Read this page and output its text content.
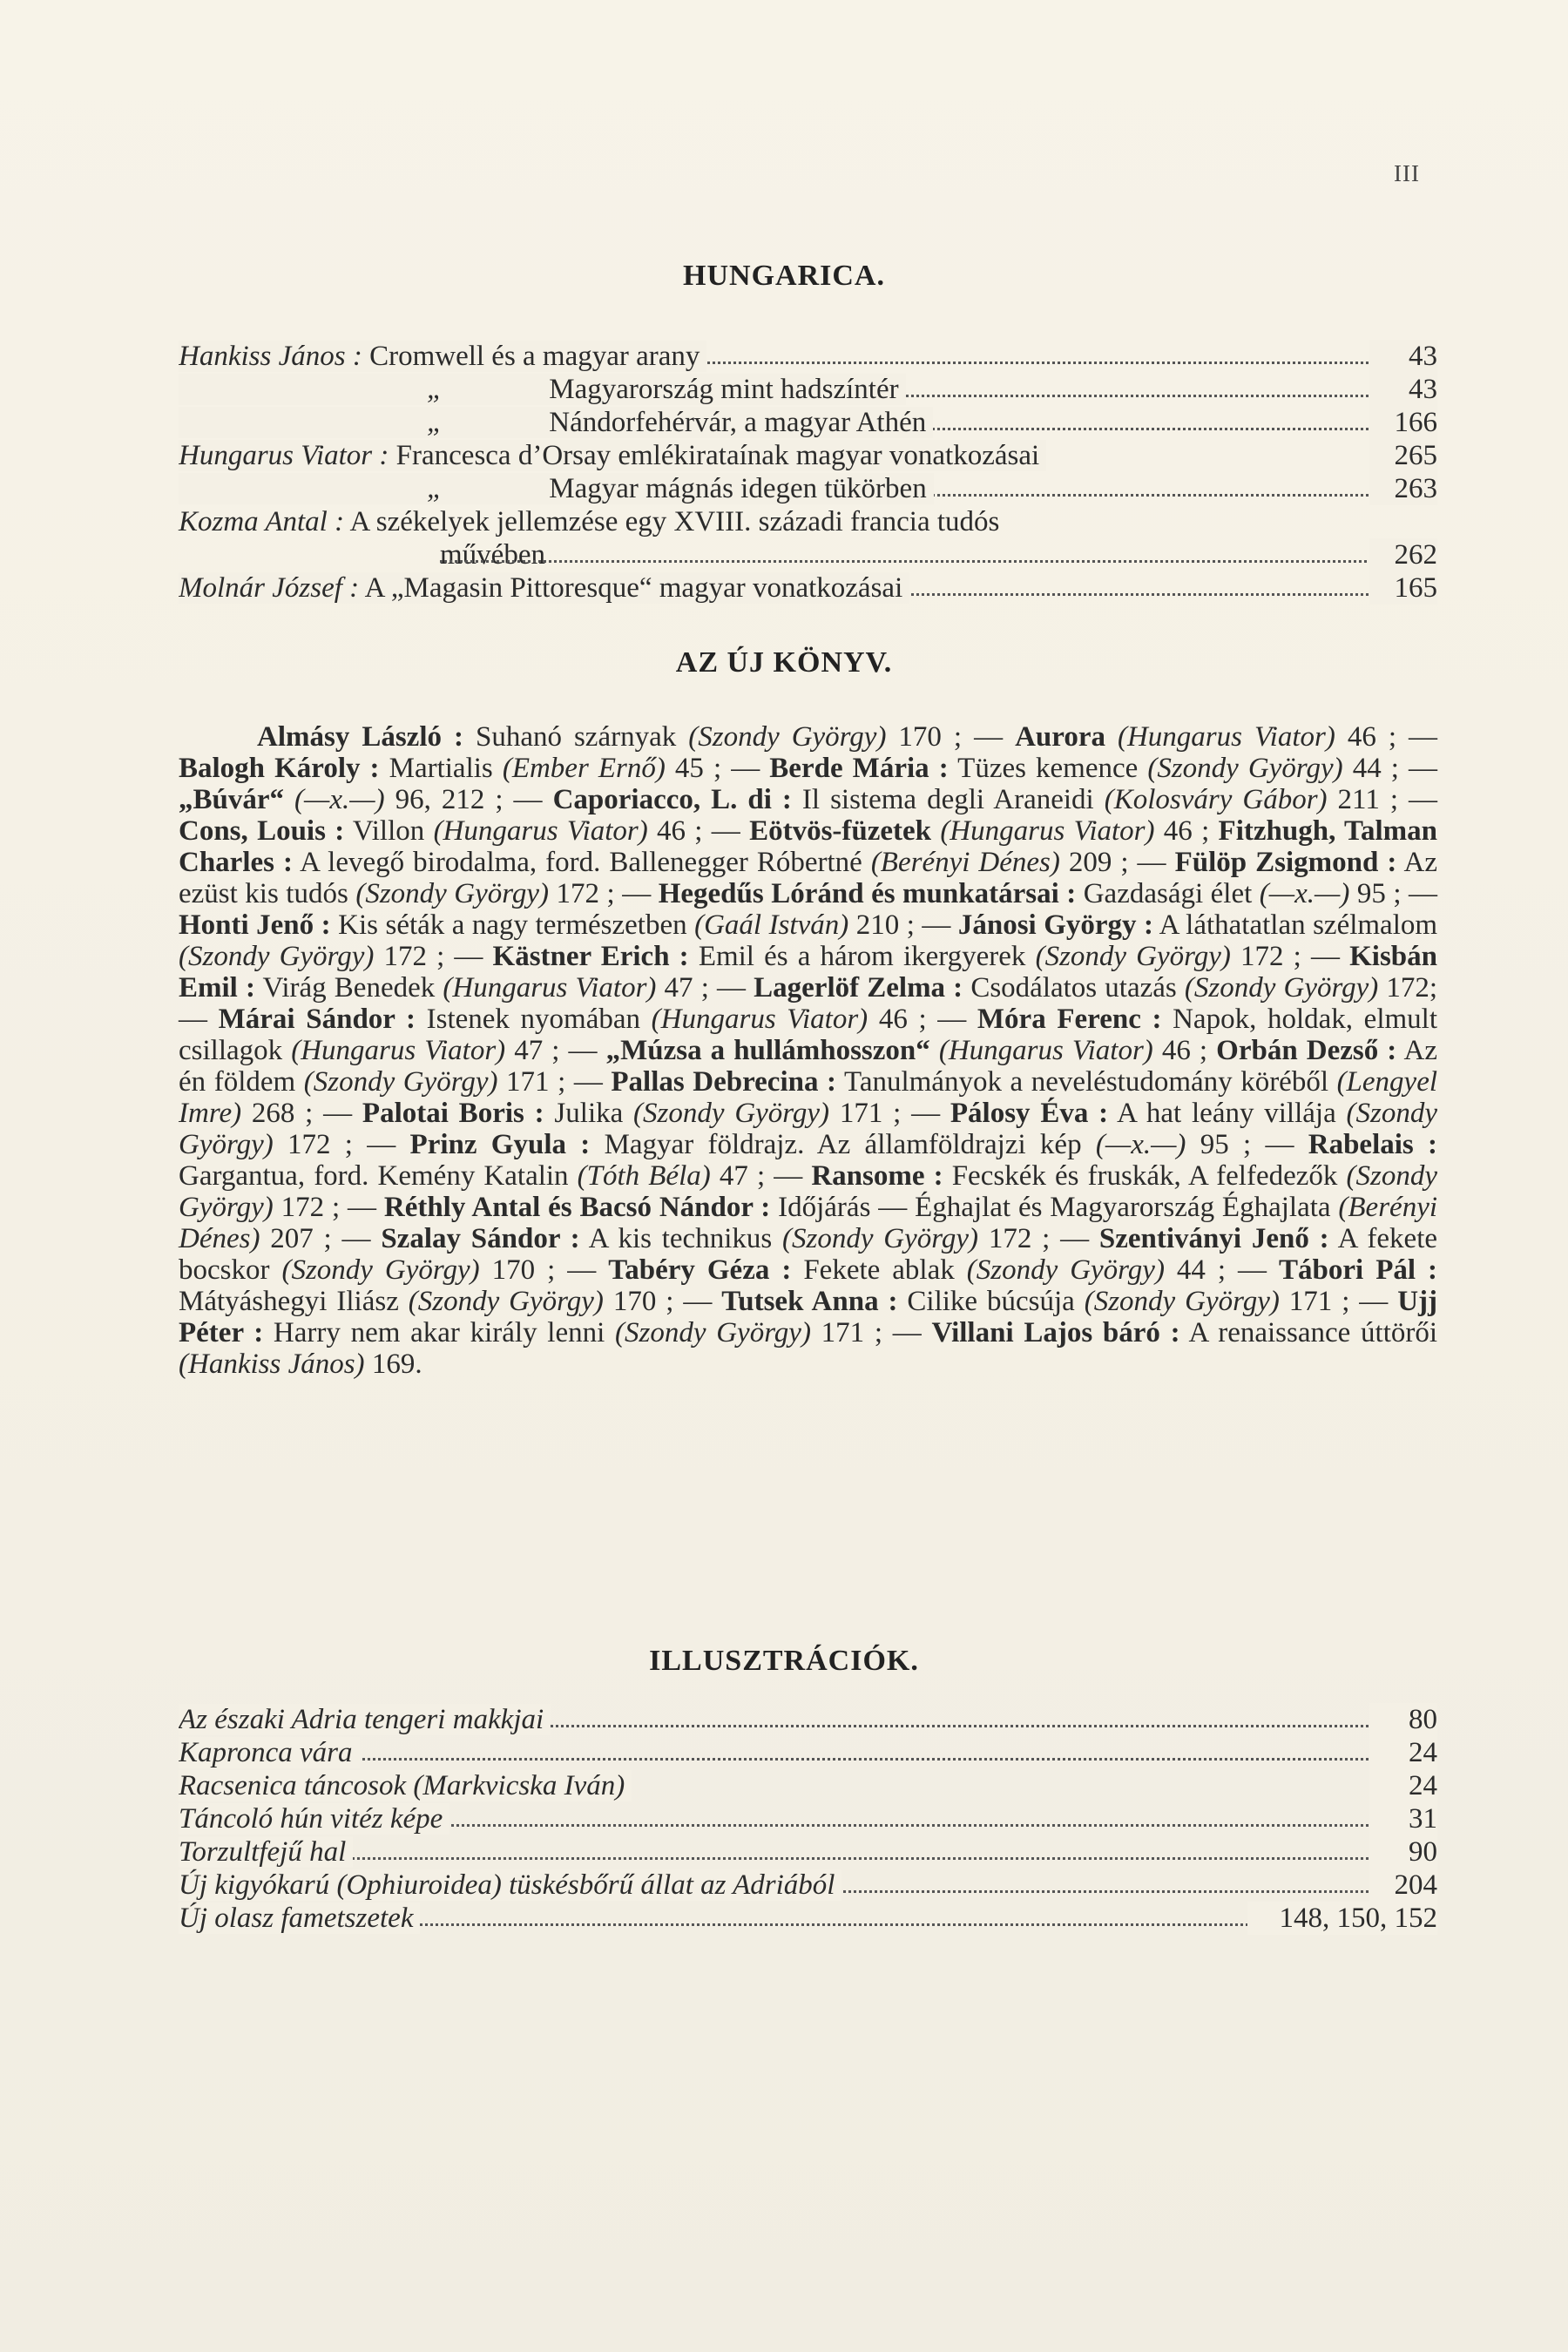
III
HUNGARICA.
Hankiss János : Cromwell és a magyar arany	43
„	Magyarország mint hadszíntér	43
„	Nándorfehérvár, a magyar Athén	166
Hungarus Viator : Francesca d’Orsay emlékirataínak magyar vonatkozásai	265
„	Magyar mágnás idegen tükörben	263
Kozma Antal : A székelyek jellemzése egy XVIII. századi francia tudós
művében	262
Molnár József : A „Magasin Pittoresque“ magyar vonatkozásai	165
AZ ÚJ KÖNYV.
Almásy László : Suhanó szárnyak (Szondy György) 170 ; — Aurora (Hungarus Viator) 46 ; — Balogh Károly : Martialis (Ember Ernő) 45 ; — Berde Mária : Tüzes kemence (Szondy György) 44 ; — „Búvár“ (—x.—) 96, 212 ; — Caporiacco, L. di : Il sistema degli Araneidi (Kolosváry Gábor) 211 ; — Cons, Louis : Villon (Hungarus Viator) 46 ; — Eötvös-füzetek (Hungarus Viator) 46 ; Fitzhugh, Talman Charles : A levegő birodalma, ford. Ballenegger Róbertné (Berényi Dénes) 209 ; — Fülöp Zsigmond : Az ezüst kis tudós (Szondy György) 172 ; — Hegedűs Lóránd és munkatársai : Gazdasági élet (—x.—) 95 ; — Honti Jenő : Kis séták a nagy természetben (Gaál István) 210 ; — Jánosi György : A láthatatlan szélmalom (Szondy György) 172 ; — Kästner Erich : Emil és a három ikergyerek (Szondy György) 172 ; — Kisbán Emil : Virág Benedek (Hungarus Viator) 47 ; — Lagerlöf Zelma : Csodálatos utazás (Szondy György) 172; — Márai Sándor : Istenek nyomában (Hungarus Viator) 46 ; — Móra Ferenc : Napok, holdak, elmult csillagok (Hungarus Viator) 47 ; — „Múzsa a hullámhosszon“ (Hungarus Viator) 46 ; Orbán Dezső : Az én földem (Szondy György) 171 ; — Pallas Debrecina : Tanulmányok a neveléstudomány köréből (Lengyel Imre) 268 ; — Palotai Boris : Julika (Szondy György) 171 ; — Pálosy Éva : A hat leány villája (Szondy György) 172 ; — Prinz Gyula : Magyar földrajz. Az államföldrajzi kép (—x.—) 95 ; — Rabelais : Gargantua, ford. Kemény Katalin (Tóth Béla) 47 ; — Ransome : Fecskék és fruskák, A felfedezők (Szondy György) 172 ; — Réthly Antal és Bacsó Nándor : Időjárás — Éghajlat és Magyarország Éghajlata (Berényi Dénes) 207 ; — Szalay Sándor : A kis technikus (Szondy György) 172 ; — Szentiványi Jenő : A fekete bocskor (Szondy György) 170 ; — Tabéry Géza : Fekete ablak (Szondy György) 44 ; — Tábori Pál : Mátyáshegyi Iliász (Szondy György) 170 ; — Tutsek Anna : Cilike búcsúja (Szondy György) 171 ; — Ujj Péter : Harry nem akar király lenni (Szondy György) 171 ; — Villani Lajos báró : A renaissance úttörői (Hankiss János) 169.
ILLUSZTRÁCIÓK.
Az északi Adria tengeri makkjai	80
Kapronca vára	24
Racsenica táncosok (Markvicska Iván)	24
Táncoló hún vitéz képe	31
Torzultfejű hal	90
Új kigyókarú (Ophiuroidea) tüskésbőrű állat az Adriából	204
Új olasz fametszetek	148, 150, 152
